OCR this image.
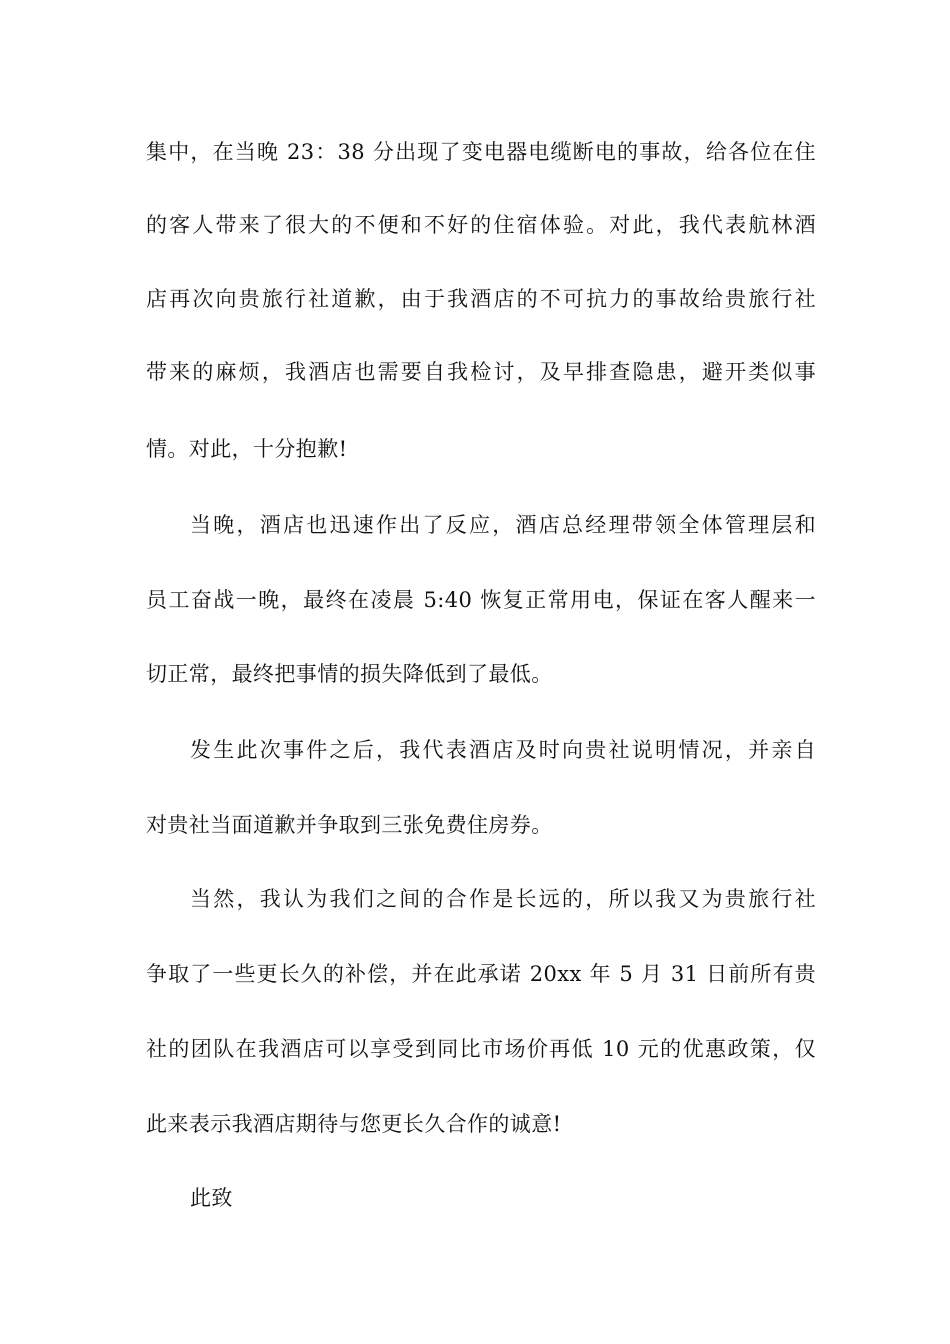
集中，在当晚 23：38 分出现了变电器电缆断电的事故，给各位在住
的客人带来了很大的不便和不好的住宿体验。对此，我代表航林酒
店再次向贵旅行社道歉，由于我酒店的不可抗力的事故给贵旅行社
带来的麻烦，我酒店也需要自我检讨，及早排查隐患，避开类似事
情。对此，十分抱歉!
当晚，酒店也迅速作出了反应，酒店总经理带领全体管理层和
员工奋战一晚，最终在凌晨 5:40 恢复正常用电，保证在客人醒来一
切正常，最终把事情的损失降低到了最低。
发生此次事件之后，我代表酒店及时向贵社说明情况，并亲自
对贵社当面道歉并争取到三张免费住房券。
当然，我认为我们之间的合作是长远的，所以我又为贵旅行社
争取了一些更长久的补偿，并在此承诺 20xx 年 5 月 31 日前所有贵
社的团队在我酒店可以享受到同比市场价再低 10 元的优惠政策，仅
此来表示我酒店期待与您更长久合作的诚意!
此致
